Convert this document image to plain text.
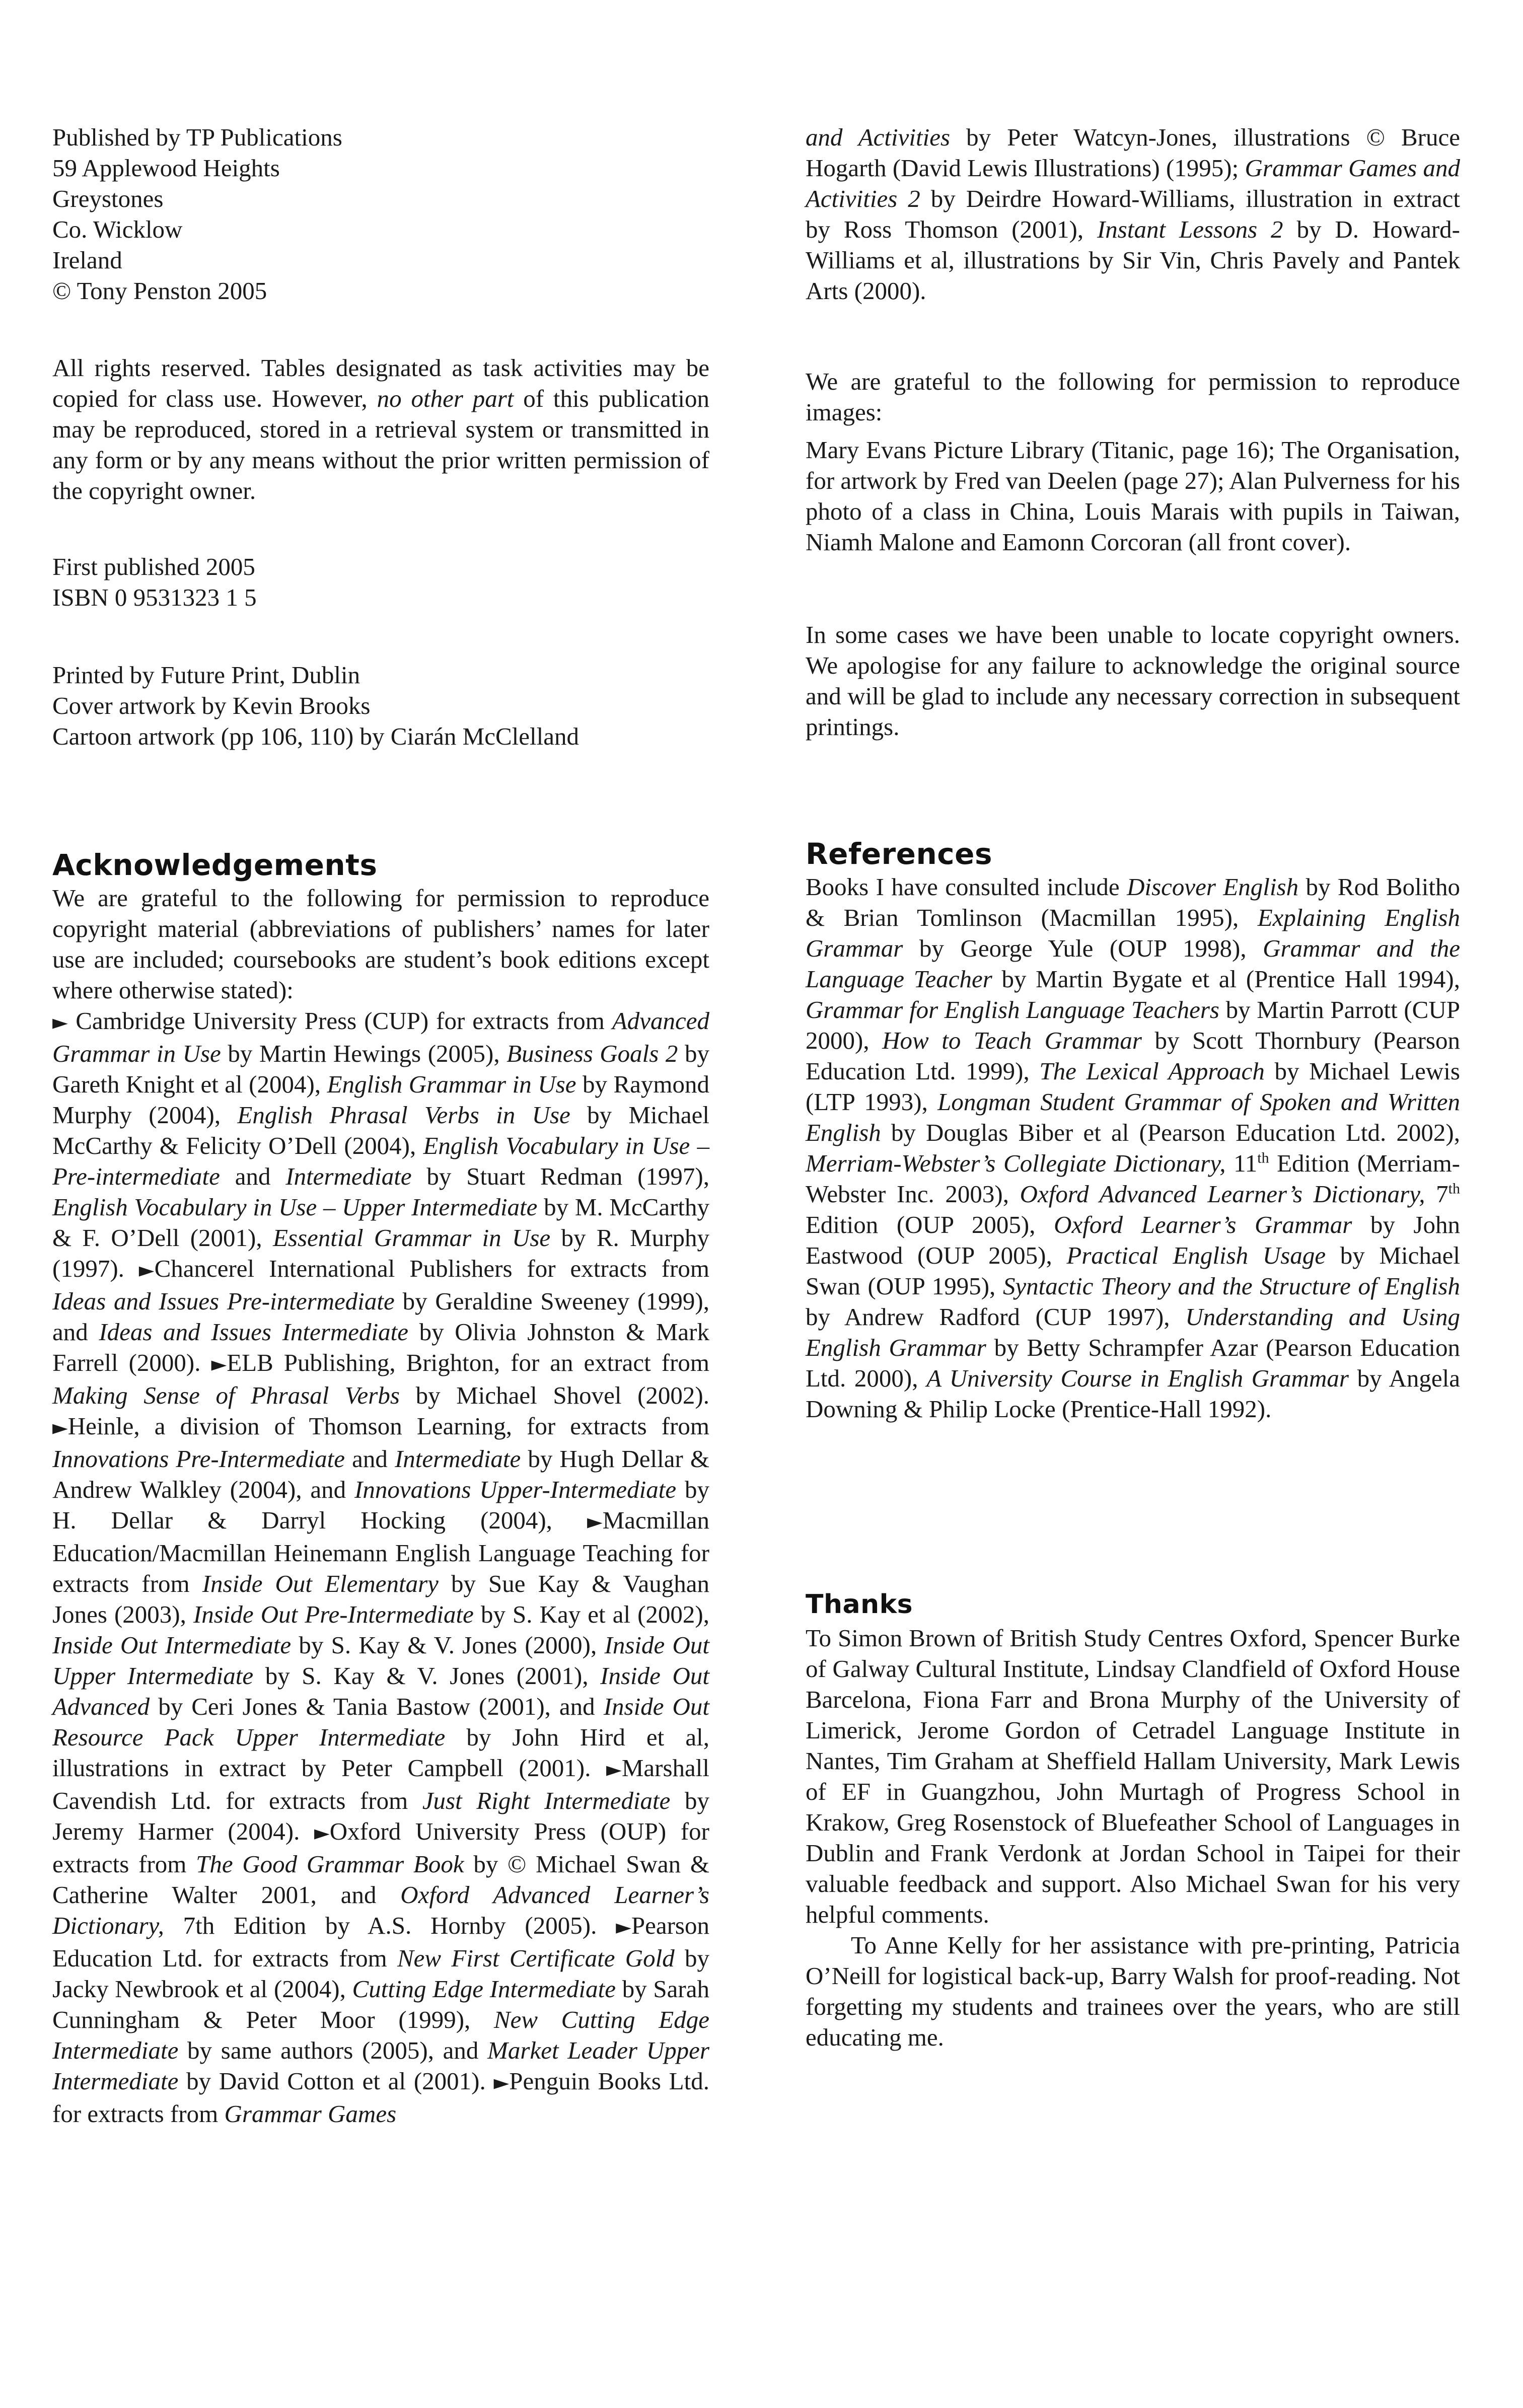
Published by TP Publications
59 Applewood Heights
Greystones
Co. Wicklow
Ireland
© Tony Penston 2005

All rights reserved. Tables designated as task activities may be copied for class use. However, no other part of this publication may be reproduced, stored in a retrieval system or transmitted in any form or by any means without the prior written permission of the copyright owner.

First published 2005
ISBN 0 9531323 1 5
Printed by Future Print, Dublin
Cover artwork by Kevin Brooks
Cartoon artwork (pp 106, 110) by Ciarán McClelland
Acknowledgements

We are grateful to the following for permission to reproduce copyright material (abbreviations of publishers’ names for later use are included; coursebooks are student’s book editions except where otherwise stated):

► Cambridge University Press (CUP) for extracts from Advanced Grammar in Use by Martin Hewings (2005), Business Goals 2 by Gareth Knight et al (2004), English Grammar in Use by Raymond Murphy (2004), English Phrasal Verbs in Use by Michael McCarthy & Felicity O’Dell (2004), English Vocabulary in Use – Pre-intermediate and Intermediate by Stuart Redman (1997), English Vocabulary in Use – Upper Intermediate by M. McCarthy & F. O’Dell (2001), Essential Grammar in Use by R. Murphy (1997). ►Chancerel International Publishers for extracts from Ideas and Issues Pre-intermediate by Geraldine Sweeney (1999), and Ideas and Issues Intermediate by Olivia Johnston & Mark Farrell (2000). ►ELB Publishing, Brighton, for an extract from Making Sense of Phrasal Verbs by Michael Shovel (2002). ►Heinle, a division of Thomson Learning, for extracts from Innovations Pre-Intermediate and Intermediate by Hugh Dellar & Andrew Walkley (2004), and Innovations Upper-Intermediate by H. Dellar & Darryl Hocking (2004), ►Macmillan Education/Macmillan Heinemann English Language Teaching for extracts from Inside Out Elementary by Sue Kay & Vaughan Jones (2003), Inside Out Pre-Intermediate by S. Kay et al (2002), Inside Out Intermediate by S. Kay & V. Jones (2000), Inside Out Upper Intermediate by S. Kay & V. Jones (2001), Inside Out Advanced by Ceri Jones & Tania Bastow (2001), and Inside Out Resource Pack Upper Intermediate by John Hird et al, illustrations in extract by Peter Campbell (2001). ►Marshall Cavendish Ltd. for extracts from Just Right Intermediate by Jeremy Harmer (2004). ►Oxford University Press (OUP) for extracts from The Good Grammar Book by © Michael Swan & Catherine Walter 2001, and Oxford Advanced Learner’s Dictionary, 7th Edition by A.S. Hornby (2005). ►Pearson Education Ltd. for extracts from New First Certificate Gold by Jacky Newbrook et al (2004), Cutting Edge Intermediate by Sarah Cunningham & Peter Moor (1999), New Cutting Edge Intermediate by same authors (2005), and Market Leader Upper Intermediate by David Cotton et al (2001). ►Penguin Books Ltd. for extracts from Grammar Games

and Activities by Peter Watcyn-Jones, illustrations © Bruce Hogarth (David Lewis Illustrations) (1995); Grammar Games and Activities 2 by Deirdre Howard-Williams, illustration in extract by Ross Thomson (2001), Instant Lessons 2 by D. Howard-Williams et al, illustrations by Sir Vin, Chris Pavely and Pantek Arts (2000).

We are grateful to the following for permission to reproduce images:

Mary Evans Picture Library (Titanic, page 16); The Organisation, for artwork by Fred van Deelen (page 27); Alan Pulverness for his photo of a class in China, Louis Marais with pupils in Taiwan, Niamh Malone and Eamonn Corcoran (all front cover).

In some cases we have been unable to locate copyright owners. We apologise for any failure to acknowledge the original source and will be glad to include any necessary correction in subsequent printings.

References

Books I have consulted include Discover English by Rod Bolitho & Brian Tomlinson (Macmillan 1995), Explaining English Grammar by George Yule (OUP 1998), Grammar and the Language Teacher by Martin Bygate et al (Prentice Hall 1994), Grammar for English Language Teachers by Martin Parrott (CUP 2000), How to Teach Grammar by Scott Thornbury (Pearson Education Ltd. 1999), The Lexical Approach by Michael Lewis (LTP 1993), Longman Student Grammar of Spoken and Written English by Douglas Biber et al (Pearson Education Ltd. 2002), Merriam-Webster’s Collegiate Dictionary, 11th Edition (Merriam-Webster Inc. 2003), Oxford Advanced Learner’s Dictionary, 7th Edition (OUP 2005), Oxford Learner’s Grammar by John Eastwood (OUP 2005), Practical English Usage by Michael Swan (OUP 1995), Syntactic Theory and the Structure of English by Andrew Radford (CUP 1997), Understanding and Using English Grammar by Betty Schrampfer Azar (Pearson Education Ltd. 2000), A University Course in English Grammar by Angela Downing & Philip Locke (Prentice-Hall 1992).

Thanks

To Simon Brown of British Study Centres Oxford, Spencer Burke of Galway Cultural Institute, Lindsay Clandfield of Oxford House Barcelona, Fiona Farr and Brona Murphy of the University of Limerick, Jerome Gordon of Cetradel Language Institute in Nantes, Tim Graham at Sheffield Hallam University, Mark Lewis of EF in Guangzhou, John Murtagh of Progress School in Krakow, Greg Rosenstock of Bluefeather School of Languages in Dublin and Frank Verdonk at Jordan School in Taipei for their valuable feedback and support. Also Michael Swan for his very helpful comments.

To Anne Kelly for her assistance with pre-printing, Patricia O’Neill for logistical back-up, Barry Walsh for proof-reading. Not forgetting my students and trainees over the years, who are still educating me.
